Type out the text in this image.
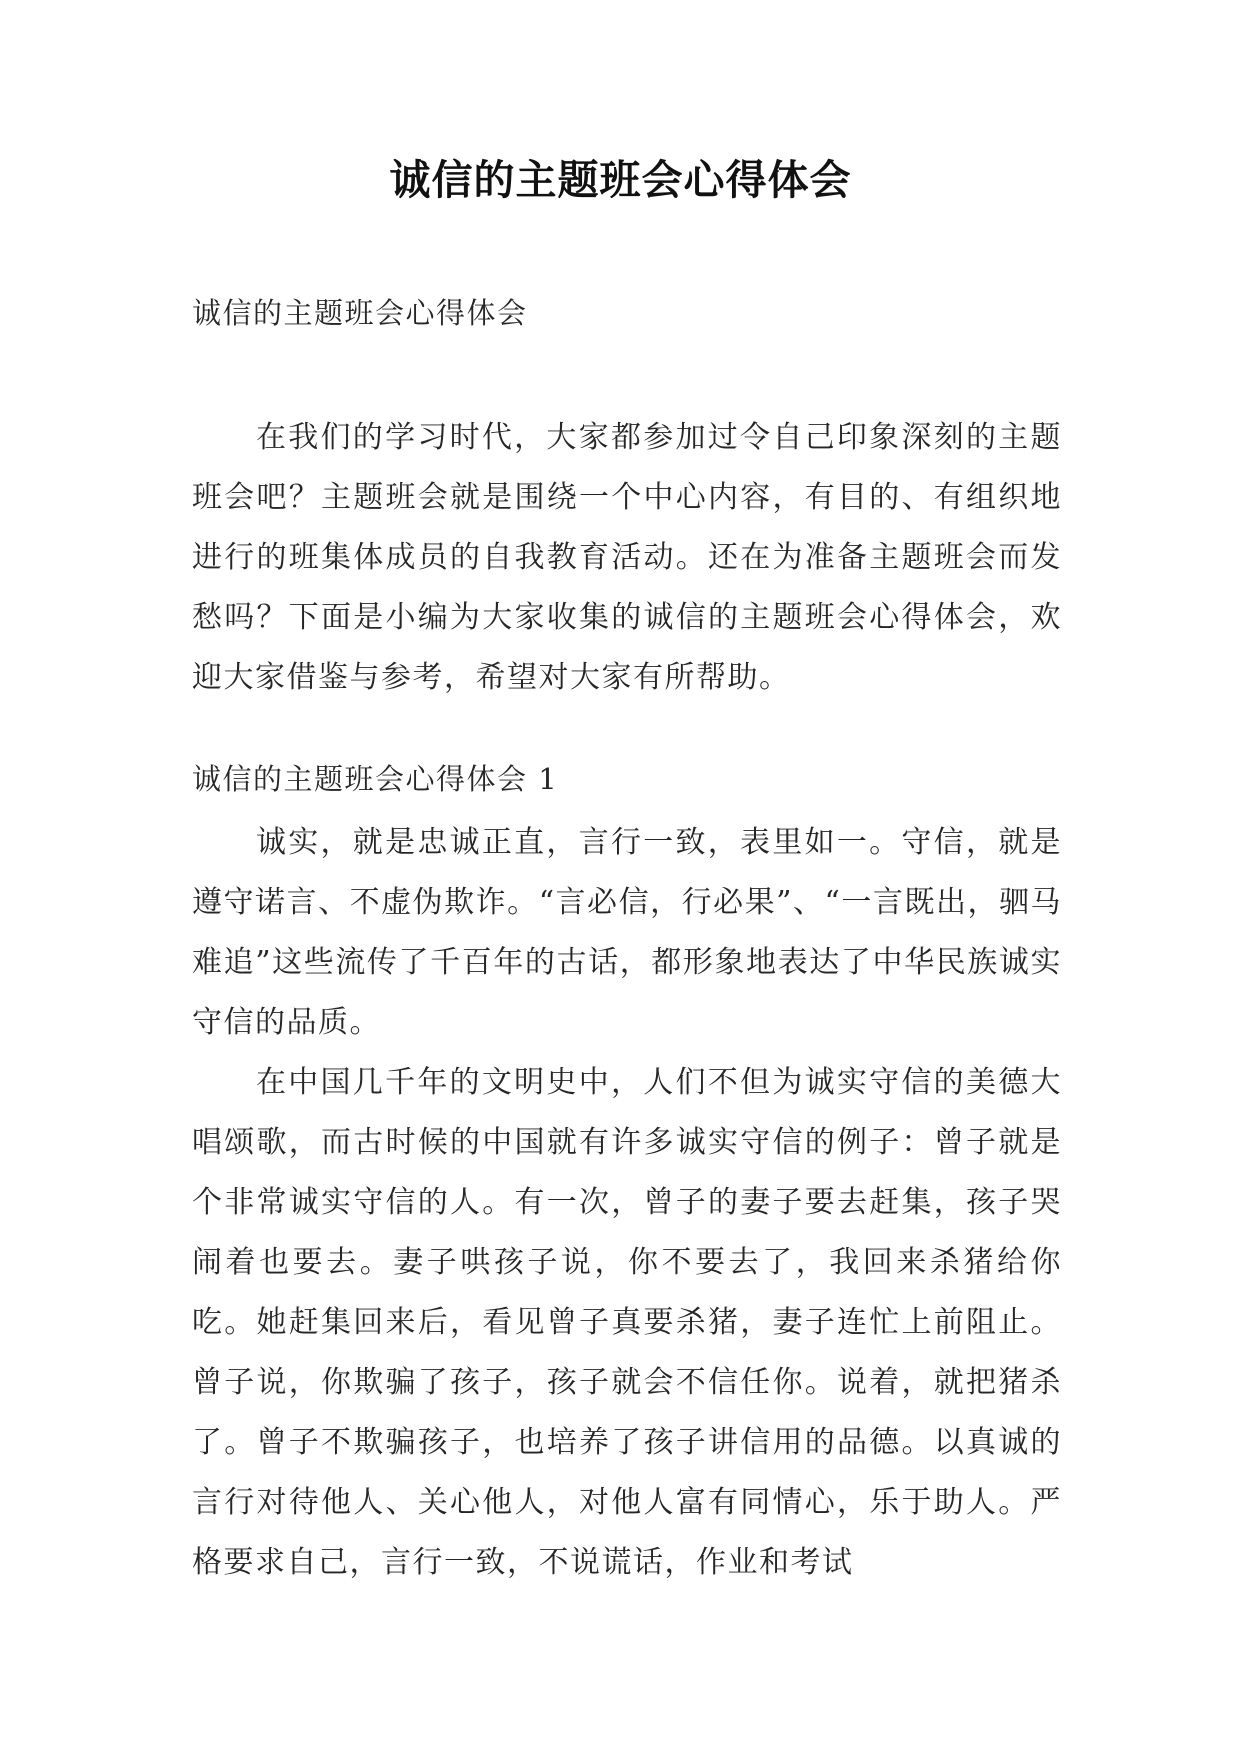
诚信的主题班会心得体会
诚信的主题班会心得体会

在我们的学习时代，大家都参加过令自己印象深刻的主题班会吧？主题班会就是围绕一个中心内容，有目的、有组织地进行的班集体成员的自我教育活动。还在为准备主题班会而发愁吗？下面是小编为大家收集的诚信的主题班会心得体会，欢迎大家借鉴与参考，希望对大家有所帮助。

诚信的主题班会心得体会 1

诚实，就是忠诚正直，言行一致，表里如一。守信，就是遵守诺言、不虚伪欺诈。“言必信，行必果”、“一言既出，驷马难追”这些流传了千百年的古话，都形象地表达了中华民族诚实守信的品质。

在中国几千年的文明史中，人们不但为诚实守信的美德大唱颂歌，而古时候的中国就有许多诚实守信的例子：曾子就是个非常诚实守信的人。有一次，曾子的妻子要去赶集，孩子哭闹着也要去。妻子哄孩子说，你不要去了，我回来杀猪给你吃。她赶集回来后，看见曾子真要杀猪，妻子连忙上前阻止。曾子说，你欺骗了孩子，孩子就会不信任你。说着，就把猪杀了。曾子不欺骗孩子，也培养了孩子讲信用的品德。以真诚的言行对待他人、关心他人，对他人富有同情心，乐于助人。严格要求自己，言行一致，不说谎话，作业和考试
